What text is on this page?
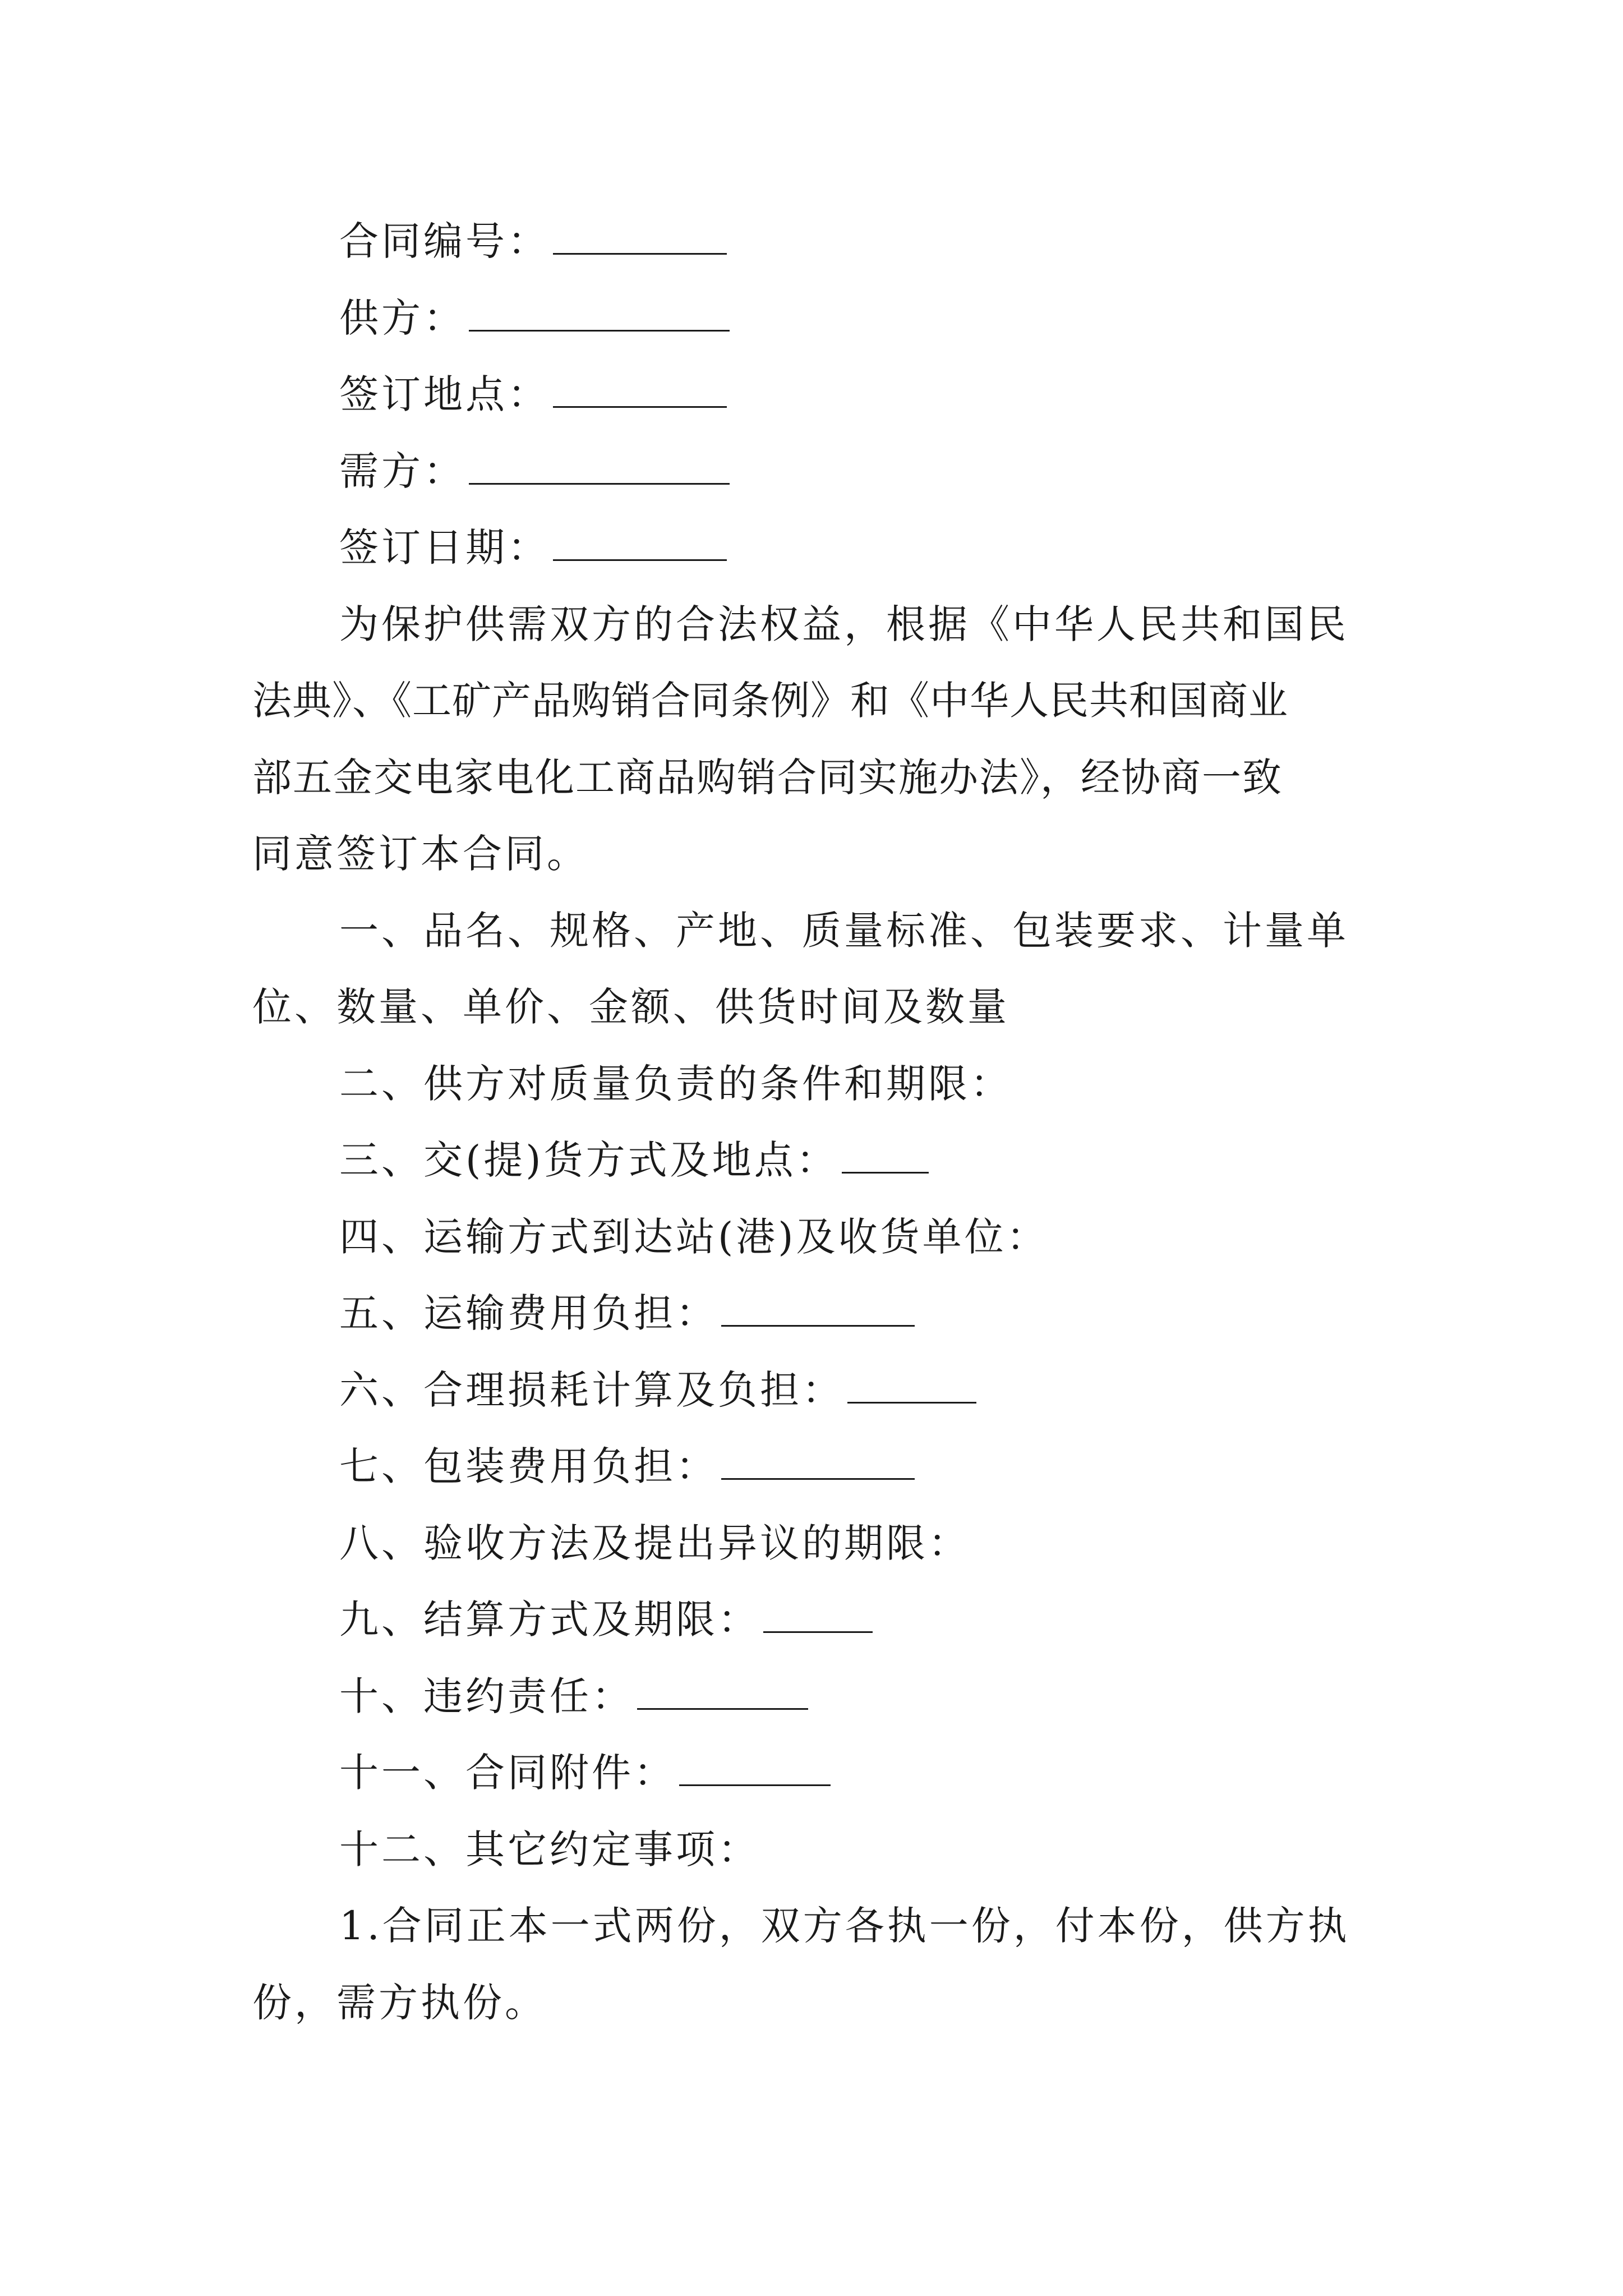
合同编号：
供方：
签订地点：
需方：
签订日期：
为保护供需双方的合法权益，根据《中华人民共和国民
法典》、《工矿产品购销合同条例》和《中华人民共和国商业
部五金交电家电化工商品购销合同实施办法》，经协商一致
同意签订本合同。
一、品名、规格、产地、质量标准、包装要求、计量单
位、数量、单价、金额、供货时间及数量
二、供方对质量负责的条件和期限：
三、交(提)货方式及地点：
四、运输方式到达站(港)及收货单位：
五、运输费用负担：
六、合理损耗计算及负担：
七、包装费用负担：
八、验收方法及提出异议的期限：
九、结算方式及期限：
十、违约责任：
十一、合同附件：
十二、其它约定事项：
1.合同正本一式两份，双方各执一份，付本份，供方执
份，需方执份。
